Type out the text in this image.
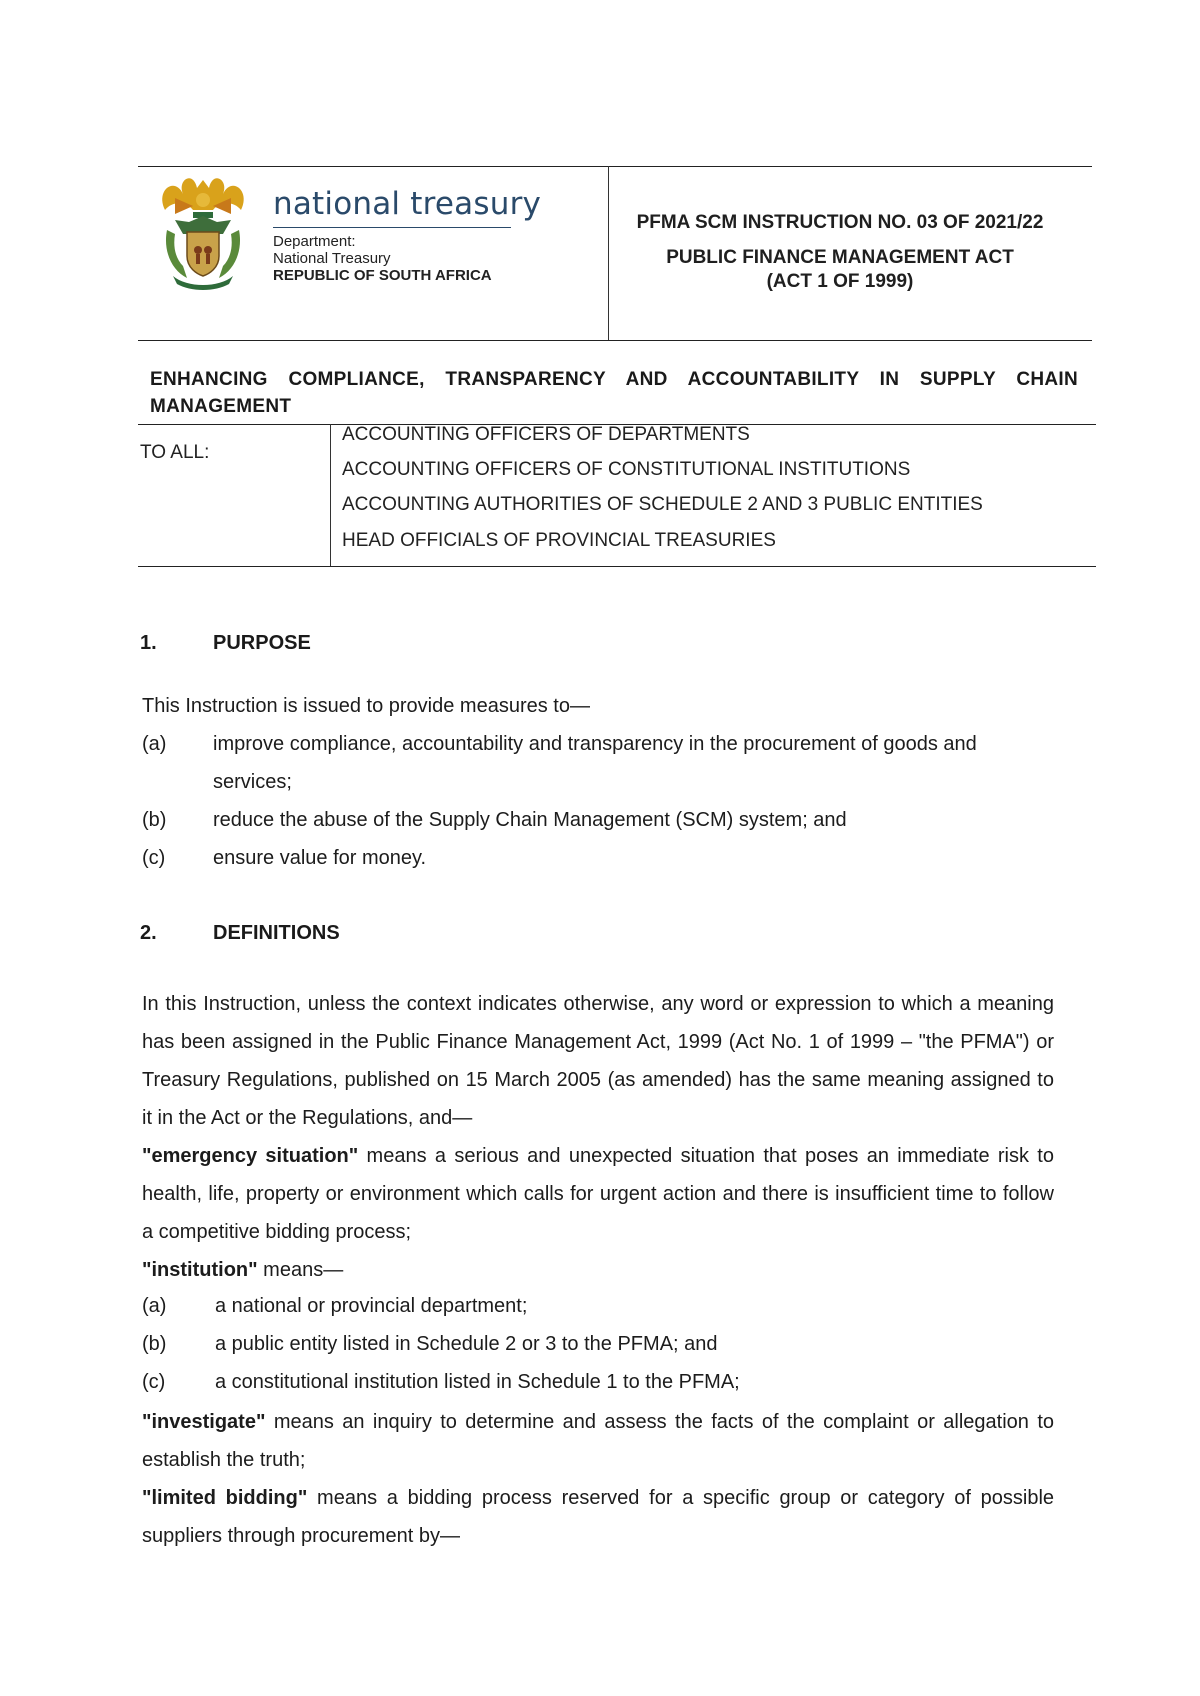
national treasury
Department:
National Treasury
REPUBLIC OF SOUTH AFRICA
PFMA SCM INSTRUCTION NO. 03 OF 2021/22
PUBLIC FINANCE MANAGEMENT ACT
(ACT 1 OF 1999)
ENHANCING COMPLIANCE, TRANSPARENCY AND ACCOUNTABILITY IN SUPPLY CHAIN MANAGEMENT
TO ALL:
ACCOUNTING OFFICERS OF DEPARTMENTS
ACCOUNTING OFFICERS OF CONSTITUTIONAL INSTITUTIONS
ACCOUNTING AUTHORITIES OF SCHEDULE 2 AND 3 PUBLIC ENTITIES
HEAD OFFICIALS OF PROVINCIAL TREASURIES
1.	PURPOSE
This Instruction is issued to provide measures to—
(a) improve compliance, accountability and transparency in the procurement of goods and
services;
(b) reduce the abuse of the Supply Chain Management (SCM) system; and
(c) ensure value for money.
2.	DEFINITIONS

In this Instruction, unless the context indicates otherwise, any word or expression to which a meaning has been assigned in the Public Finance Management Act, 1999 (Act No. 1 of 1999 – "the PFMA") or Treasury Regulations, published on 15 March 2005 (as amended) has the same meaning assigned to it in the Act or the Regulations, and—

"emergency situation" means a serious and unexpected situation that poses an immediate risk to health, life, property or environment which calls for urgent action and there is insufficient time to follow a competitive bidding process;

"institution" means—

(a) a national or provincial department;
(b) a public entity listed in Schedule 2 or 3 to the PFMA; and
(c) a constitutional institution listed in Schedule 1 to the PFMA;

"investigate" means an inquiry to determine and assess the facts of the complaint or allegation to establish the truth;

"limited bidding" means a bidding process reserved for a specific group or category of possible suppliers through procurement by—
